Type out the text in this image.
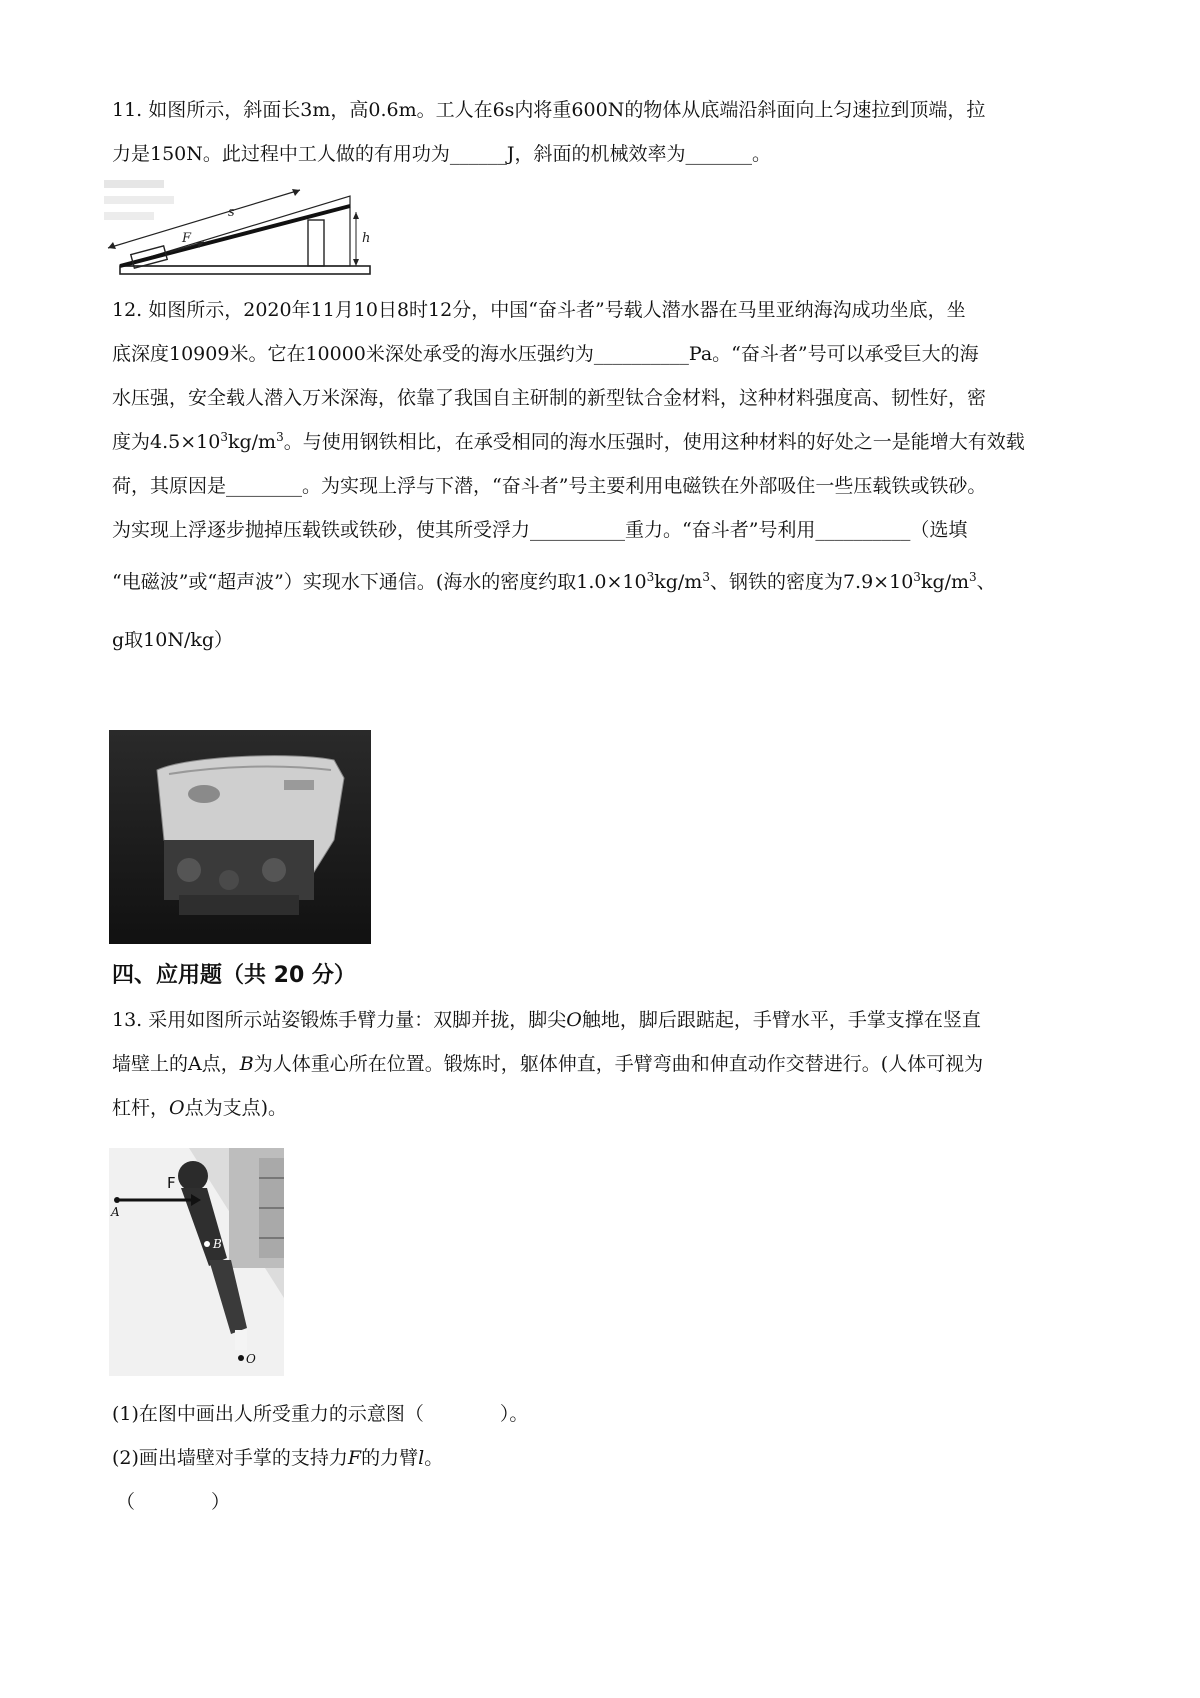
11. 如图所示，斜面长3m，高0.6m。工人在6s内将重600N的物体从底端沿斜面向上匀速拉到顶端，拉
力是150N。此过程中工人做的有用功为______J，斜面的机械效率为_______。
s
F	h
12. 如图所示，2020年11月10日8时12分，中国“奋斗者”号载人潜水器在马里亚纳海沟成功坐底，坐
底深度10909米。它在10000米深处承受的海水压强约为__________Pa。“奋斗者”号可以承受巨大的海
水压强，安全载人潜入万米深海，依靠了我国自主研制的新型钛合金材料，这种材料强度高、韧性好，密
度为$4.5\times 10^3kg/m^3$。与使用钢铁相比，在承受相同的海水压强时，使用这种材料的好处之一是能增大有效载
荷，其原因是________。为实现上浮与下潜，“奋斗者”号主要利用电磁铁在外部吸住一些压载铁或铁砂。
为实现上浮逐步抛掉压载铁或铁砂，使其所受浮力__________重力。“奋斗者”号利用__________（选填
“电磁波”或“超声波”）实现水下通信。(海水的密度约取$1.0\times 10^3kg/m^3$、钢铁的密度为$7.9\times 10^3kg/m^3$、
g取10N/kg）
四、应用题（共 20 分）
13. 采用如图所示站姿锻炼手臂力量：双脚并拢，脚尖O触地，脚后跟踮起，手臂水平，手掌支撑在竖直
墙壁上的A点，B为人体重心所在位置。锻炼时，躯体伸直，手臂弯曲和伸直动作交替进行。(人体可视为
杠杆，O点为支点)。
F
A
B
O
(1)在图中画出人所受重力的示意图（　　　　）。
(2)画出墙壁对手掌的支持力F的力臂l。
（　　　　）
